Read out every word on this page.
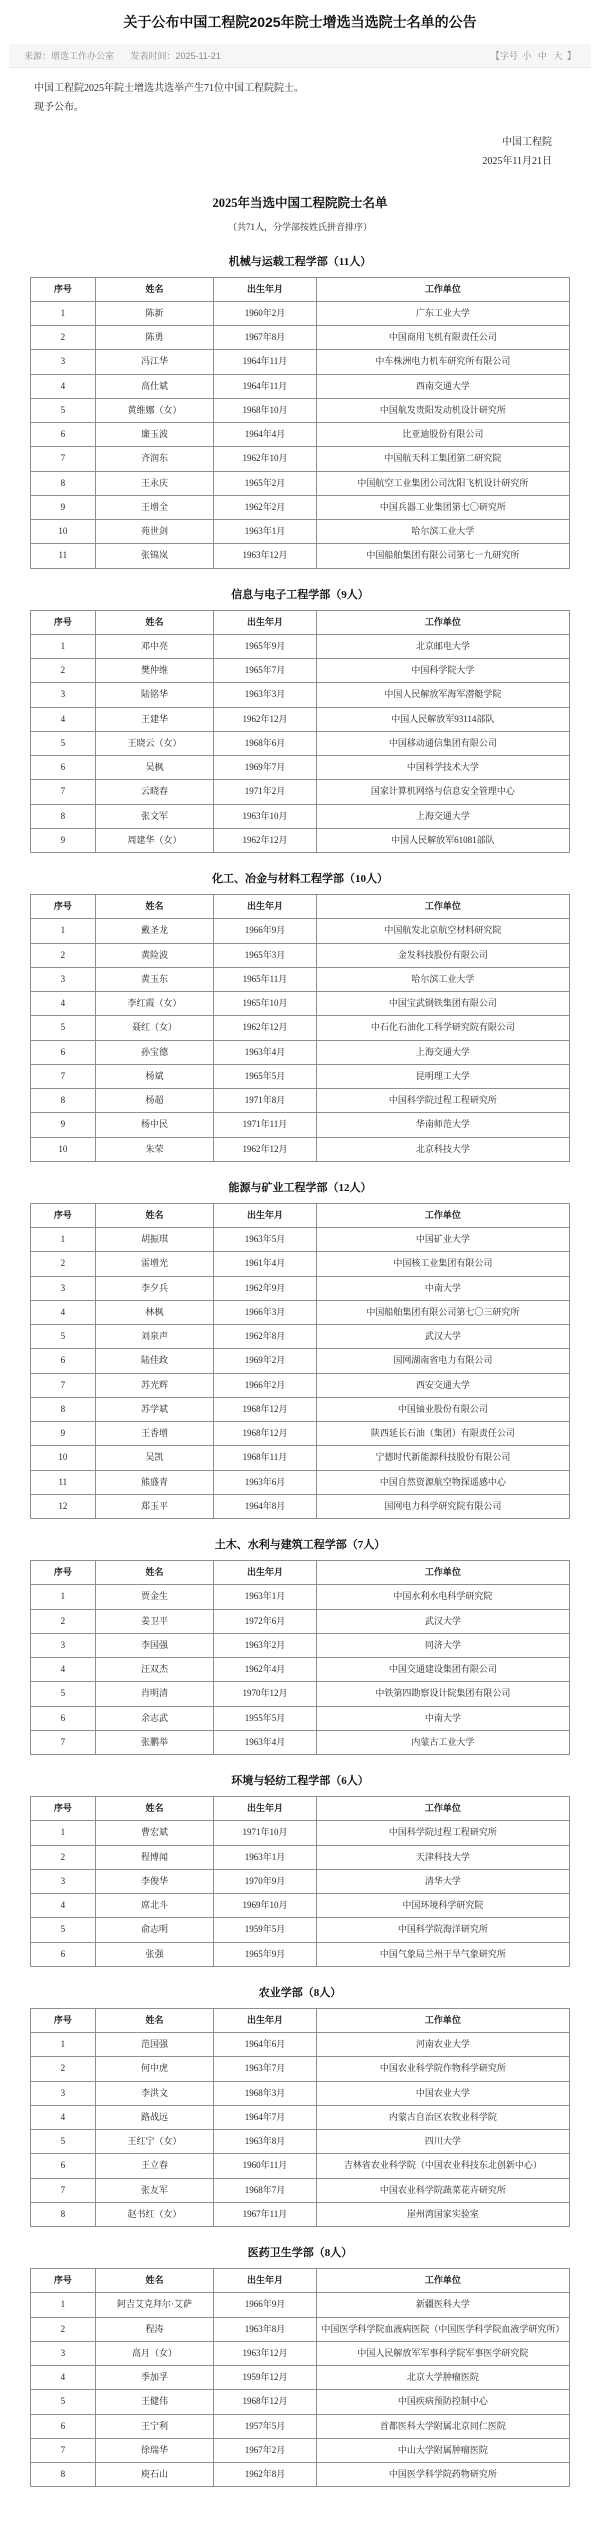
关于公布中国工程院2025年院士增选当选院士名单的公告
来源：增选工作办公室 发表时间：2025-11-21	【字号 小 中 大 】

中国工程院2025年院士增选共选举产生71位中国工程院院士。

现予公布。

中国工程院
2025年11月21日
2025年当选中国工程院院士名单
（共71人，分学部按姓氏拼音排序）
机械与运载工程学部（11人）
序号	姓名	出生年月	工作单位
1	陈新	1960年2月	广东工业大学
2	陈勇	1967年8月	中国商用飞机有限责任公司
3	冯江华	1964年11月	中车株洲电力机车研究所有限公司
4	高仕斌	1964年11月	西南交通大学
5	黄维娜（女）	1968年10月	中国航发贵阳发动机设计研究所
6	廉玉波	1964年4月	比亚迪股份有限公司
7	齐润东	1962年10月	中国航天科工集团第二研究院
8	王永庆	1965年2月	中国航空工业集团公司沈阳飞机设计研究所
9	王增全	1962年2月	中国兵器工业集团第七〇研究所
10	苑世剑	1963年1月	哈尔滨工业大学
11	张锦岚	1963年12月	中国船舶集团有限公司第七一九研究所
信息与电子工程学部（9人）
序号	姓名	出生年月	工作单位
1	邓中亮	1965年9月	北京邮电大学
2	樊仲维	1965年7月	中国科学院大学
3	陆铭华	1963年3月	中国人民解放军海军潜艇学院
4	王建华	1962年12月	中国人民解放军93114部队
5	王晓云（女）	1968年6月	中国移动通信集团有限公司
6	吴枫	1969年7月	中国科学技术大学
7	云晓春	1971年2月	国家计算机网络与信息安全管理中心
8	张文军	1963年10月	上海交通大学
9	周建华（女）	1962年12月	中国人民解放军61081部队
化工、冶金与材料工程学部（10人）
序号	姓名	出生年月	工作单位
1	戴圣龙	1966年9月	中国航发北京航空材料研究院
2	黄险波	1965年3月	金发科技股份有限公司
3	黄玉东	1965年11月	哈尔滨工业大学
4	李红霞（女）	1965年10月	中国宝武钢铁集团有限公司
5	聂红（女）	1962年12月	中石化石油化工科学研究院有限公司
6	孙宝德	1963年4月	上海交通大学
7	杨斌	1965年5月	昆明理工大学
8	杨超	1971年8月	中国科学院过程工程研究所
9	杨中民	1971年11月	华南师范大学
10	朱荣	1962年12月	北京科技大学
能源与矿业工程学部（12人）
序号	姓名	出生年月	工作单位
1	胡振琪	1963年5月	中国矿业大学
2	雷增光	1961年4月	中国核工业集团有限公司
3	李夕兵	1962年9月	中南大学
4	林枫	1966年3月	中国船舶集团有限公司第七〇三研究所
5	刘泉声	1962年8月	武汉大学
6	陆佳政	1969年2月	国网湖南省电力有限公司
7	苏光辉	1966年2月	西安交通大学
8	苏学斌	1968年12月	中国铀业股份有限公司
9	王香增	1968年12月	陕西延长石油（集团）有限责任公司
10	吴凯	1968年11月	宁德时代新能源科技股份有限公司
11	熊盛青	1963年6月	中国自然资源航空物探遥感中心
12	郑玉平	1964年8月	国网电力科学研究院有限公司
土木、水利与建筑工程学部（7人）
序号	姓名	出生年月	工作单位
1	贾金生	1963年1月	中国水利水电科学研究院
2	姜卫平	1972年6月	武汉大学
3	李国强	1963年2月	同济大学
4	汪双杰	1962年4月	中国交通建设集团有限公司
5	肖明清	1970年12月	中铁第四勘察设计院集团有限公司
6	余志武	1955年5月	中南大学
7	张鹏举	1963年4月	内蒙古工业大学
环境与轻纺工程学部（6人）
序号	姓名	出生年月	工作单位
1	曹宏斌	1971年10月	中国科学院过程工程研究所
2	程博闻	1963年1月	天津科技大学
3	李俊华	1970年9月	清华大学
4	席北斗	1969年10月	中国环境科学研究院
5	俞志明	1959年5月	中国科学院海洋研究所
6	张强	1965年9月	中国气象局兰州干旱气象研究所
农业学部（8人）
序号	姓名	出生年月	工作单位
1	范国强	1964年6月	河南农业大学
2	何中虎	1963年7月	中国农业科学院作物科学研究所
3	李洪文	1968年3月	中国农业大学
4	路战远	1964年7月	内蒙古自治区农牧业科学院
5	王红宁（女）	1963年8月	四川大学
6	王立春	1960年11月	吉林省农业科学院（中国农业科技东北创新中心）
7	张友军	1968年7月	中国农业科学院蔬菜花卉研究所
8	赵书红（女）	1967年11月	崖州湾国家实验室
医药卫生学部（8人）
序号	姓名	出生年月	工作单位
1	阿吉艾克拜尔·艾萨	1966年9月	新疆医科大学
2	程涛	1963年8月	中国医学科学院血液病医院（中国医学科学院血液学研究所）
3	高月（女）	1963年12月	中国人民解放军军事科学院军事医学研究院
4	季加孚	1959年12月	北京大学肿瘤医院
5	王健伟	1968年12月	中国疾病预防控制中心
6	王宁利	1957年5月	首都医科大学附属北京同仁医院
7	徐瑞华	1967年2月	中山大学附属肿瘤医院
8	庾石山	1962年8月	中国医学科学院药物研究所
